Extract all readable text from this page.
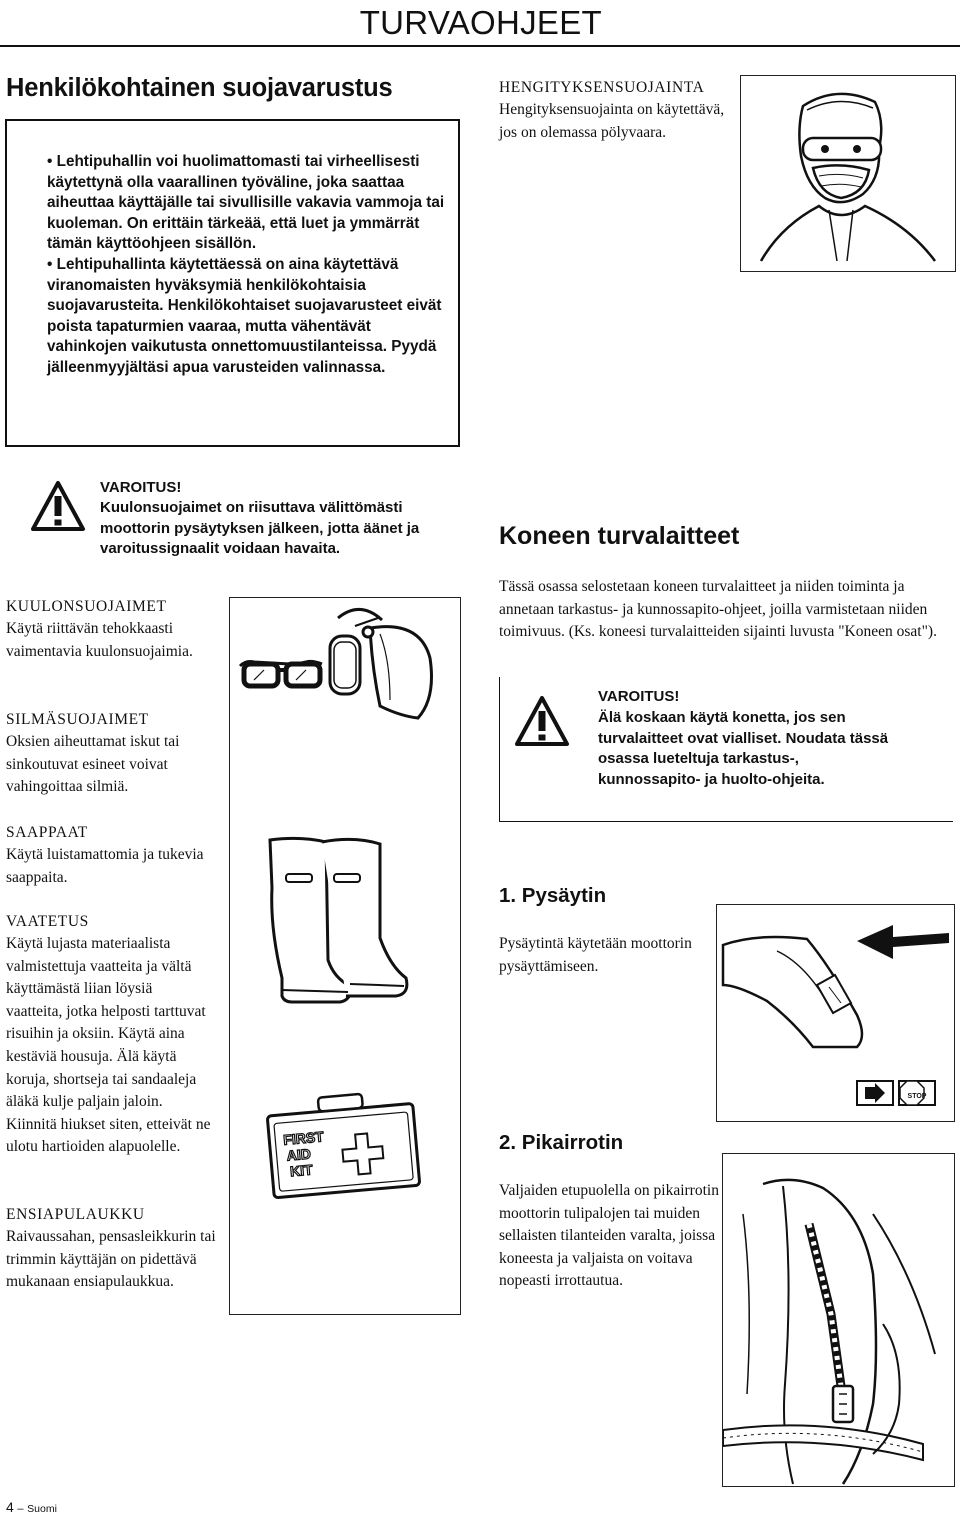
TURVAOHJEET
Henkilökohtainen suojavarustus

• Lehtipuhallin voi huolimattomasti tai virheellisesti käytettynä olla vaarallinen työväline, joka saattaa aiheuttaa käyttäjälle tai sivullisille vakavia vammoja tai kuoleman. On erittäin tärkeää, että luet ja ymmärrät tämän käyttöohjeen sisällön.

• Lehtipuhallinta käytettäessä on aina käytettävä viranomaisten hyväksymiä henkilökohtaisia suojavarusteita. Henkilökohtaiset suojavarusteet eivät poista tapaturmien vaaraa, mutta vähentävät vahinkojen vaikutusta onnettomuustilanteissa. Pyydä jälleenmyyjältäsi apua varusteiden valinnassa.

VAROITUS!
Kuulonsuojaimet on riisuttava välittömästi moottorin pysäytyksen jälkeen, jotta äänet ja varoitussignaalit voidaan havaita.
KUULONSUOJAIMET
Käytä riittävän tehokkaasti vaimentavia kuulonsuojaimia.
SILMÄSUOJAIMET
Oksien aiheuttamat iskut tai sinkoutuvat esineet voivat vahingoittaa silmiä.
SAAPPAAT
Käytä luistamattomia ja tukevia saappaita.
VAATETUS
Käytä lujasta materiaalista valmistettuja vaatteita ja vältä käyttämästä liian löysiä vaatteita, jotka helposti tarttuvat risuihin ja oksiin. Käytä aina kestäviä housuja. Älä käytä koruja, shortseja tai sandaaleja äläkä kulje paljain jaloin. Kiinnitä hiukset siten, etteivät ne ulotu hartioiden alapuolelle.
ENSIAPULAUKKU
Raivaussahan, pensasleikkurin tai trimmin käyttäjän on pidettävä mukanaan ensiapulaukkua.
FIRST
AID
KIT
HENGITYKSENSUOJAINTA
Hengityksensuojainta on käytettävä, jos on olemassa pölyvaara.
Koneen turvalaitteet
Tässä osassa selostetaan koneen turvalaitteet ja niiden toiminta ja annetaan tarkastus- ja kunnossapito-ohjeet, joilla varmistetaan niiden toimivuus. (Ks. koneesi turvalaitteiden sijainti luvusta "Koneen osat").
VAROITUS!
Älä koskaan käytä konetta, jos sen turvalaitteet ovat vialliset. Noudata tässä osassa lueteltuja tarkastus-, kunnossapito- ja huolto-ohjeita.
1. Pysäytin
Pysäytintä käytetään moottorin pysäyttämiseen.
STOP
2. Pikairrotin
Valjaiden etupuolella on pikairrotin moottorin tulipalojen tai muiden sellaisten tilanteiden varalta, joissa koneesta ja valjaista on voitava nopeasti irrottautua.
4 – Suomi
